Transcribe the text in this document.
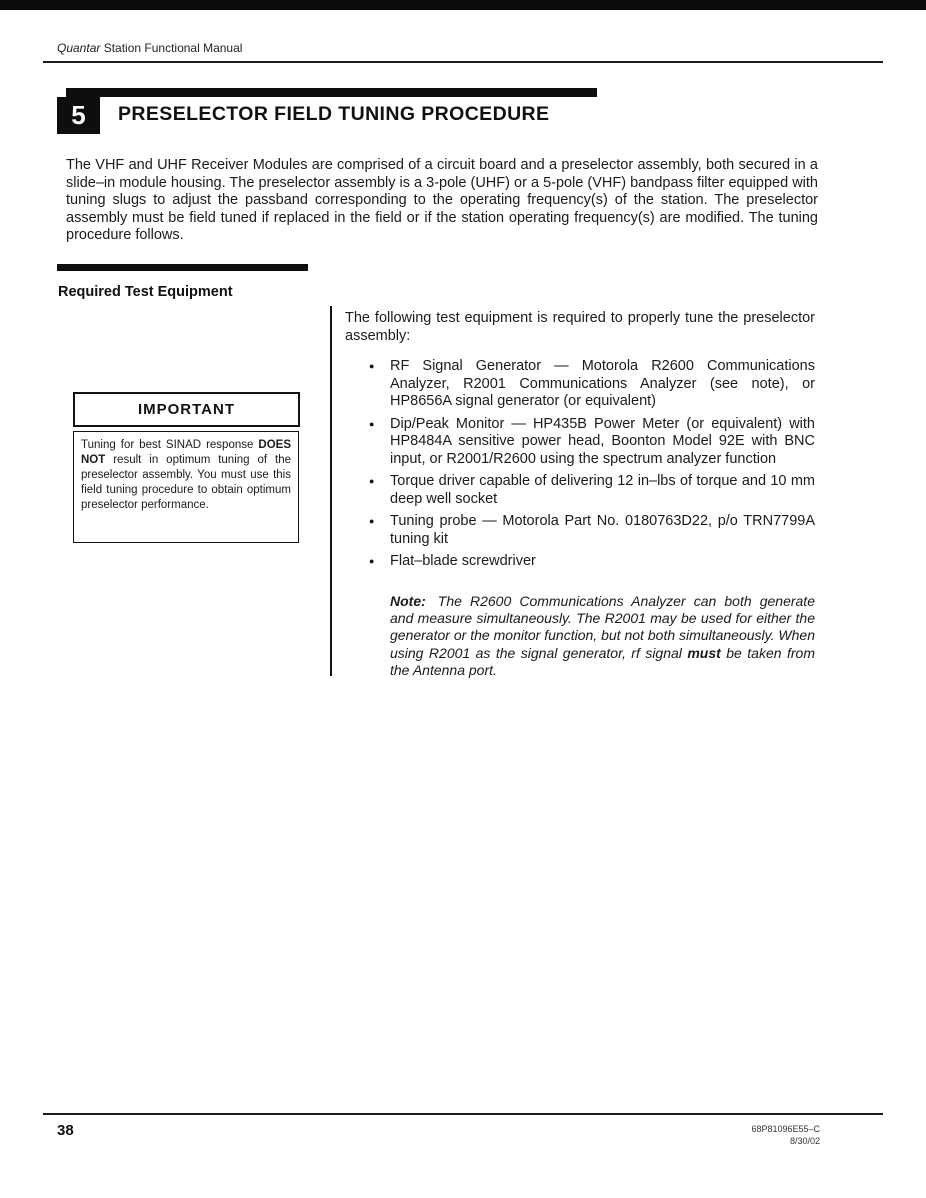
Quantar Station Functional Manual
5 PRESELECTOR FIELD TUNING PROCEDURE

The VHF and UHF Receiver Modules are comprised of a circuit board and a preselector assembly, both secured in a slide–in module housing. The preselector assembly is a 3-pole (UHF) or a 5-pole (VHF) bandpass filter equipped with tuning slugs to adjust the passband corresponding to the operating frequency(s) of the station. The preselector assembly must be field tuned if replaced in the field or if the station operating frequency(s) are modified. The tuning procedure follows.

Required Test Equipment
IMPORTANT
Tuning for best SINAD response DOES NOT result in optimum tuning of the preselector assembly. You must use this field tuning procedure to obtain optimum preselector performance.

The following test equipment is required to properly tune the preselector assembly:

●	RF Signal Generator — Motorola R2600 Communications Analyzer, R2001 Communications Analyzer (see note), or HP8656A signal generator (or equivalent)
●	Dip/Peak Monitor — HP435B Power Meter (or equivalent) with HP8484A sensitive power head, Boonton Model 92E with BNC input, or R2001/R2600 using the spectrum analyzer function
●	Torque driver capable of delivering 12 in–lbs of torque and 10 mm deep well socket
●	Tuning probe — Motorola Part No. 0180763D22, p/o TRN7799A tuning kit
●	Flat–blade screwdriver

Note: The R2600 Communications Analyzer can both generate and measure simultaneously. The R2001 may be used for either the generator or the monitor function, but not both simultaneously. When using R2001 as the signal generator, rf signal must be taken from the Antenna port.

38	68P81096E55–C
8/30/02
